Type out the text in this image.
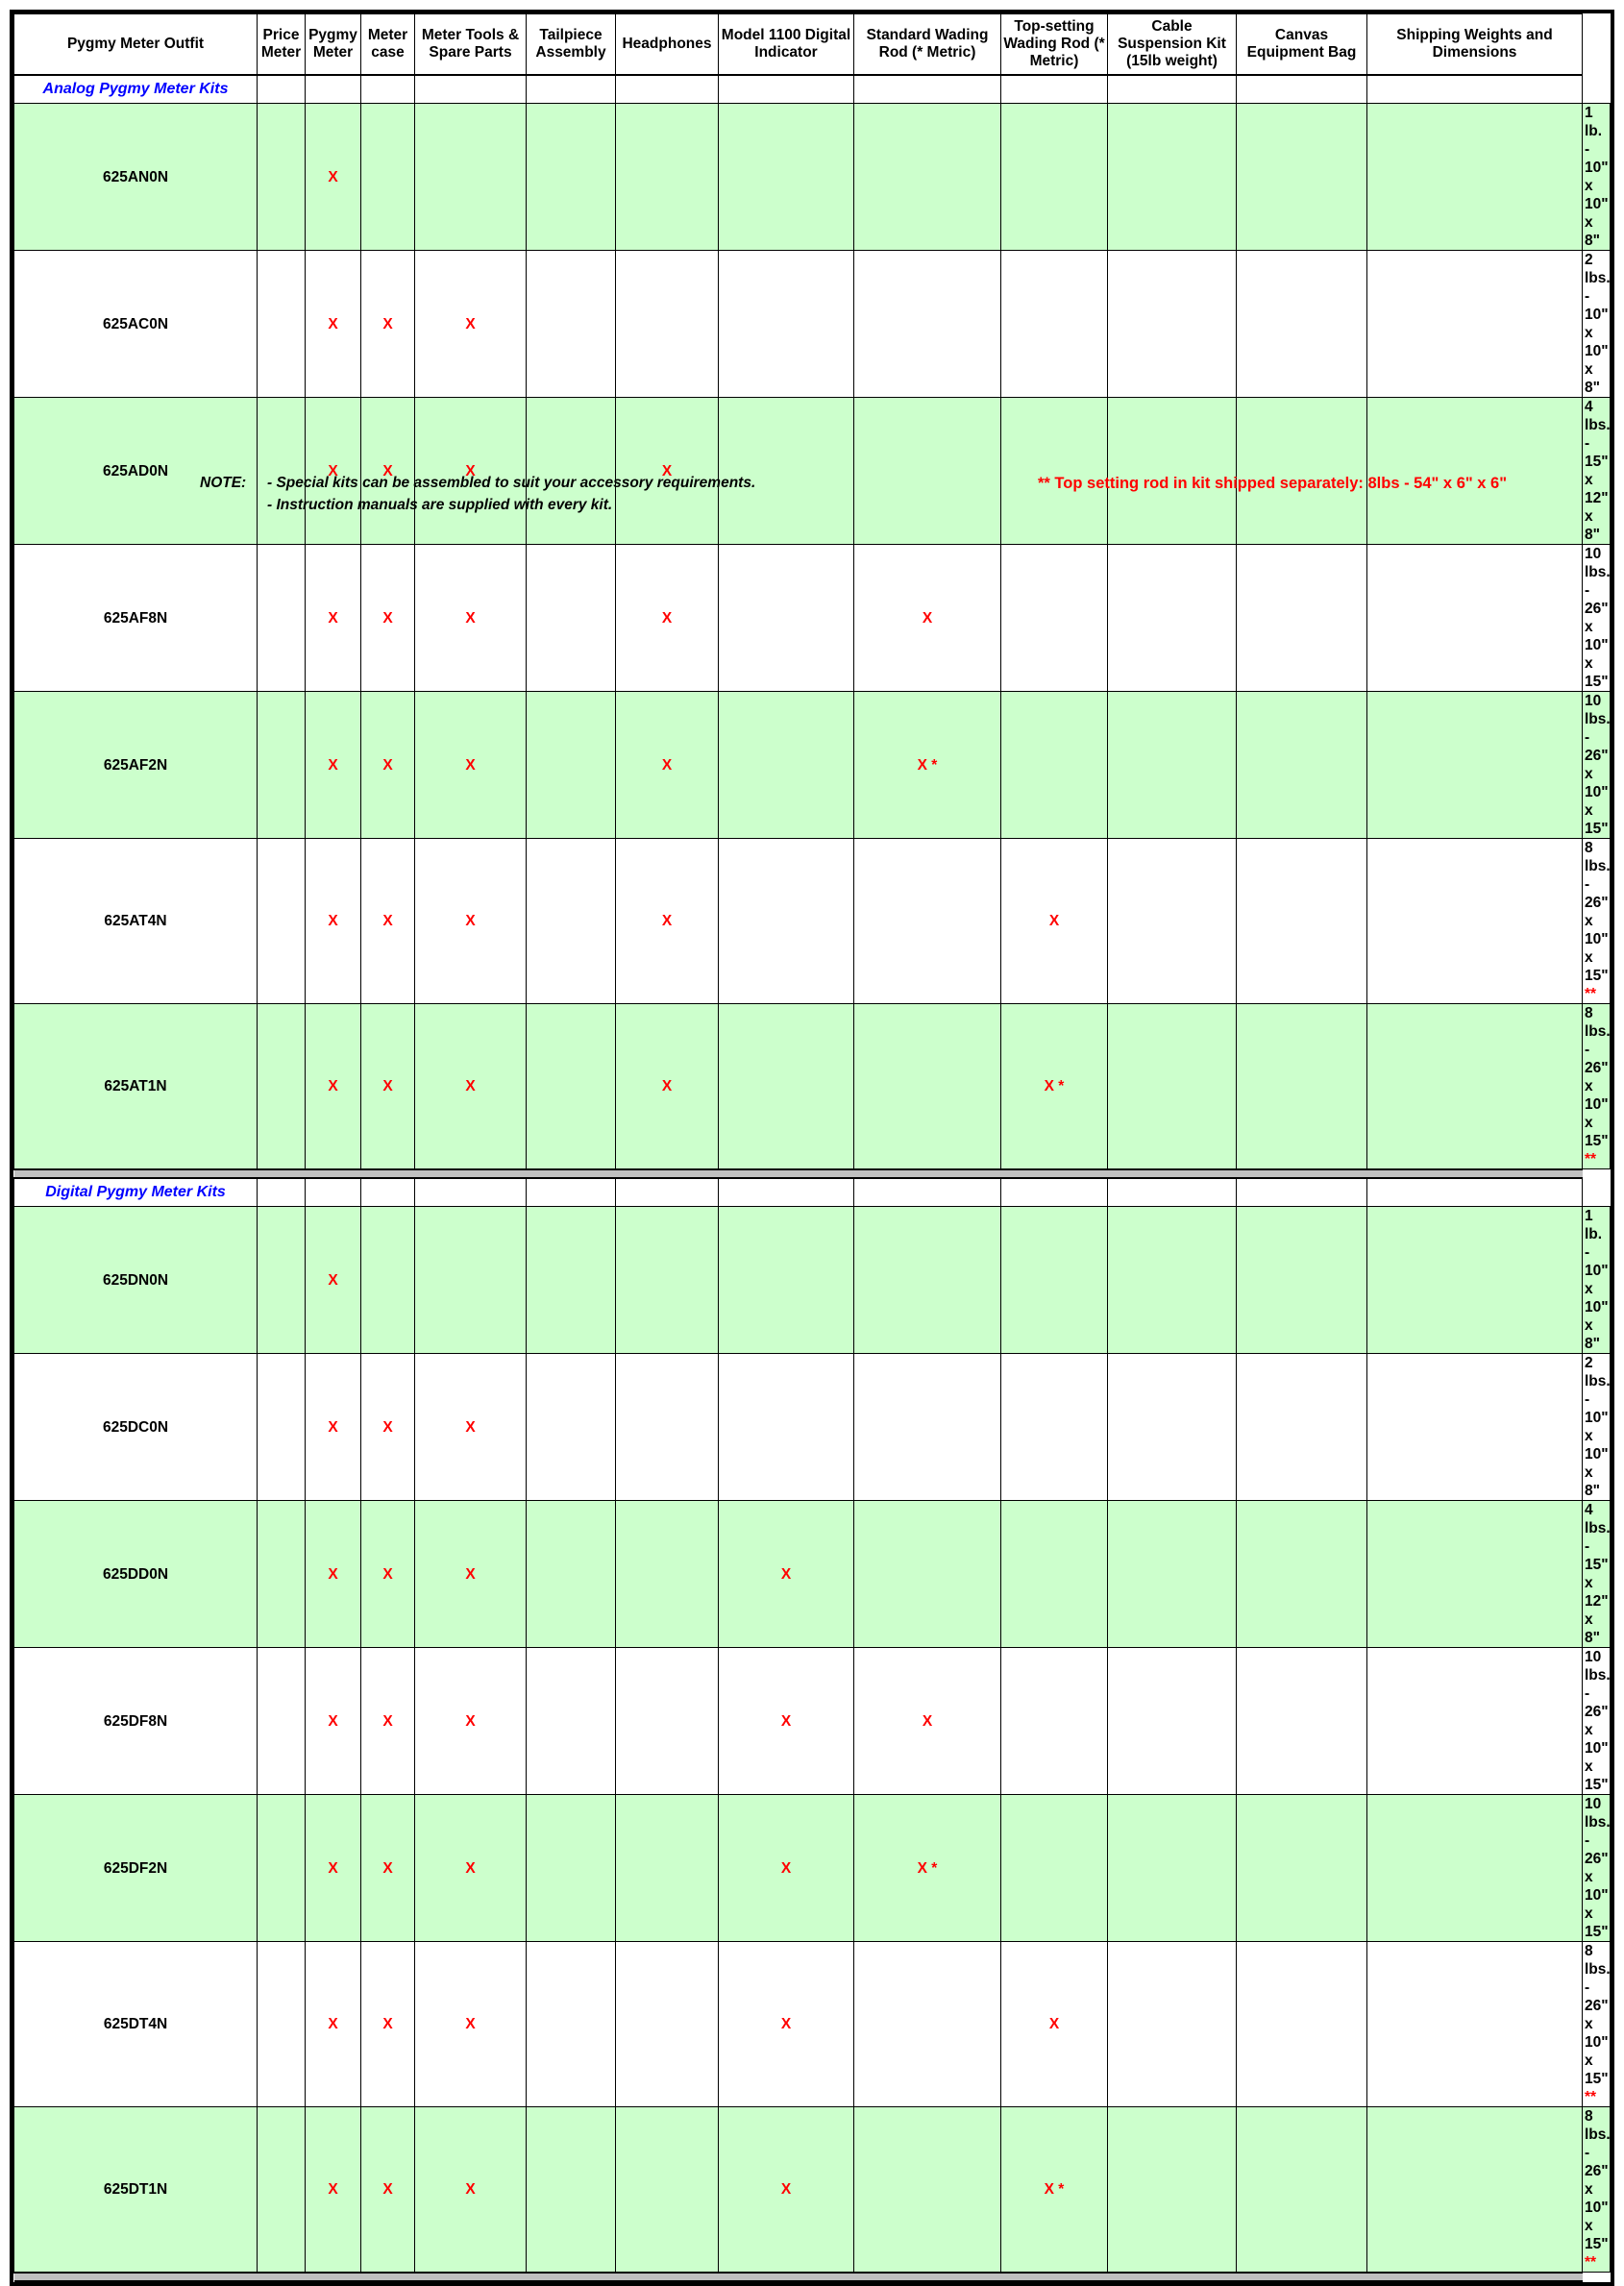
Pygmy Meter Outfit	Price Meter	Pygmy Meter	Meter case	Meter Tools & Spare Parts	Tailpiece Assembly	Headphones	Model 1100 Digital Indicator	Standard Wading Rod (* Metric)	Top-setting Wading Rod (* Metric)	Cable Suspension Kit (15lb weight)	Canvas Equipment Bag	Shipping Weights and Dimensions	
Analog Pygmy Meter Kits													
625AN0N		X											1 lb. - 10" x 10" x 8"
625AC0N		X	X	X									2 lbs. - 10" x 10" x 8"
625AD0N		X	X	X		X							4 lbs. - 15" x 12" x 8"
625AF8N		X	X	X		X		X					10 lbs. - 26" x 10" x 15"
625AF2N		X	X	X		X		X *					10 lbs. - 26" x 10" x 15"
625AT4N		X	X	X		X			X				8 lbs. - 26" x 10" x 15" **
625AT1N		X	X	X		X			X *				8 lbs. - 26" x 10" x 15" **

Digital Pygmy Meter Kits													
625DN0N		X											1 lb. - 10" x 10" x 8"
625DC0N		X	X	X									2 lbs. - 10" x 10" x 8"
625DD0N		X	X	X			X						4 lbs. - 15" x 12" x 8"
625DF8N		X	X	X			X	X					10 lbs. - 26" x 10" x 15"
625DF2N		X	X	X			X	X *					10 lbs. - 26" x 10" x 15"
625DT4N		X	X	X			X		X				8 lbs. - 26" x 10" x 15" **
625DT1N		X	X	X			X		X *				8 lbs. - 26" x 10" x 15" **

NOTE: - Special kits can be assembled to suit your accessory requirements.
- Instruction manuals are supplied with every kit.
** Top setting rod in kit shipped separately: 8lbs - 54" x 6" x 6"
